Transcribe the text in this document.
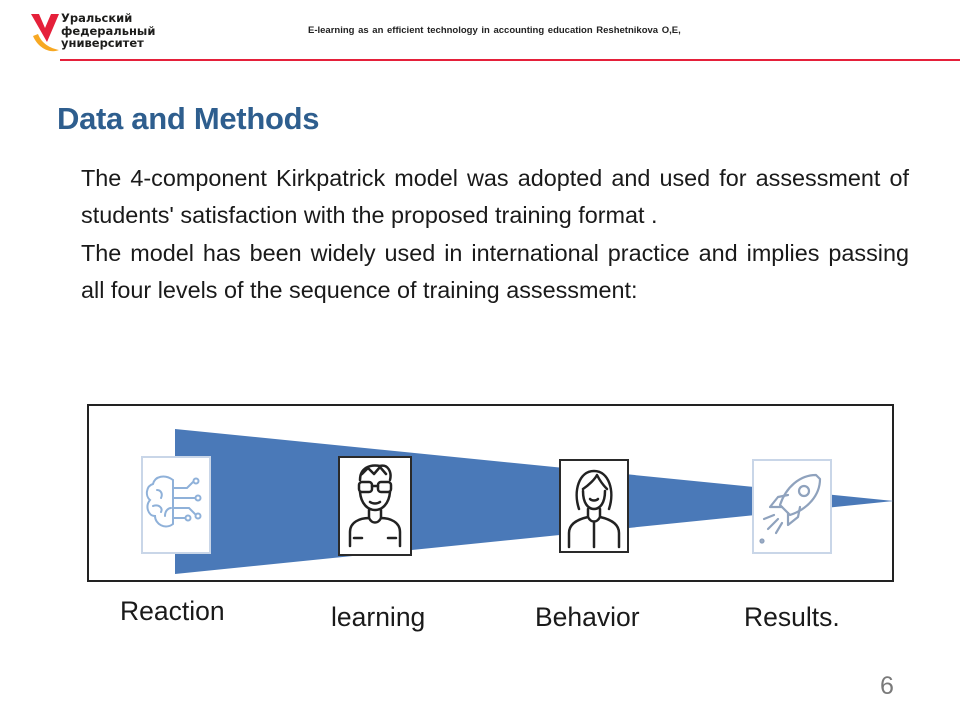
Уральский
федеральный
университет
E-learning as an efficient technology in accounting education Reshetnikova O,E,
Data and Methods

The 4-component Kirkpatrick model was adopted and used for assessment of students' satisfaction with the proposed training format .

The model has been widely used in international practice and implies passing all four levels of the sequence of training assessment:

Reaction	learning	Behavior	Results.
6
